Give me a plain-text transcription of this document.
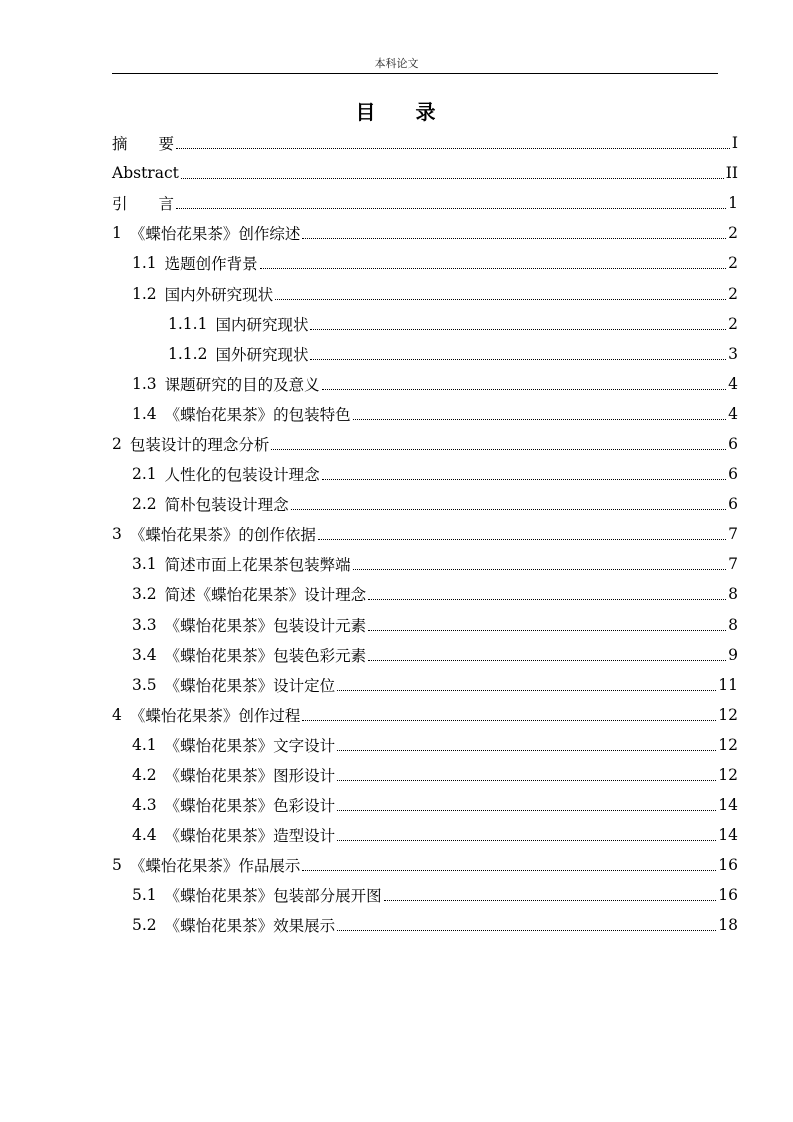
本科论文
目 录
摘　　要	I
Abstract	II
引　　言	1
1 《蝶怡花果茶》创作综述	2
1.1 选题创作背景	2
1.2 国内外研究现状	2
1.1.1 国内研究现状	2
1.1.2 国外研究现状	3
1.3 课题研究的目的及意义	4
1.4 《蝶怡花果茶》的包装特色	4
2 包装设计的理念分析	6
2.1 人性化的包装设计理念	6
2.2 简朴包装设计理念	6
3 《蝶怡花果茶》的创作依据	7
3.1 简述市面上花果茶包装弊端	7
3.2 简述《蝶怡花果茶》设计理念	8
3.3 《蝶怡花果茶》包装设计元素	8
3.4 《蝶怡花果茶》包装色彩元素	9
3.5 《蝶怡花果茶》设计定位	11
4 《蝶怡花果茶》创作过程	12
4.1 《蝶怡花果茶》文字设计	12
4.2 《蝶怡花果茶》图形设计	12
4.3 《蝶怡花果茶》色彩设计	14
4.4 《蝶怡花果茶》造型设计	14
5 《蝶怡花果茶》作品展示	16
5.1 《蝶怡花果茶》包装部分展开图	16
5.2 《蝶怡花果茶》效果展示	18
